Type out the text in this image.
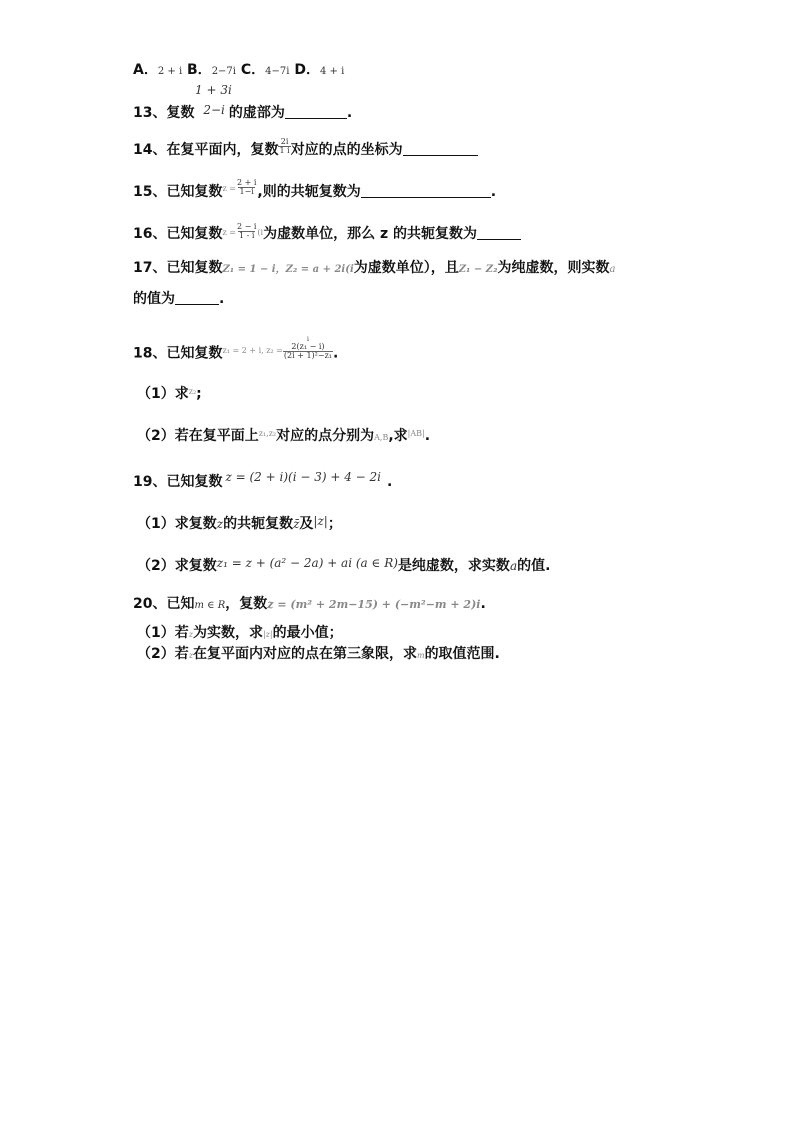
A．2 + i B．2−7i C．4−7i D．4 + i
1 + 3i
13、复数 2−i 的虚部为	.
14、在复平面内，复数 $\frac{2i}{1 i}$ 对应的点的坐标为
15、已知复数$^{z =} \frac{2 + i}{1-i}$ ,则的共轭复数为	.
16、已知复数$^{z =} \frac{2 - i}{1 - i} ^{(i}$为虚数单位，那么 z 的共轭复数为
17、已知复数Z₁ = 1 − i，Z₂ = a + 2i(i为虚数单位），且Z₁ − Z₂为纯虚数，则实数a
的值为	.
18、已知复数$^{z_1 = 2 + i, z_2 =}$
i
2(z₁ − i)
(2i + 1)²−z₁ .
（1）求$^{z_2}$;
（2）若在复平面上$^{z_1,z_2}$对应的点分别为A,B,求$^{|AB|}$.
19、已知复数 z = (2 + i)(i − 3) + 4 − 2i .
（1）求复数z的共轭复数z̄及|z|；
（2）求复数z₁ = z + (a² − 2a) + ai (a ∈ R)是纯虚数，求实数a的值.
20、已知m ∈ R，复数z = (m² + 2m−15) + (−m²−m + 2)i.
（1）若z为实数，求|z|的最小值；
（2）若z在复平面内对应的点在第三象限，求m的取值范围.
